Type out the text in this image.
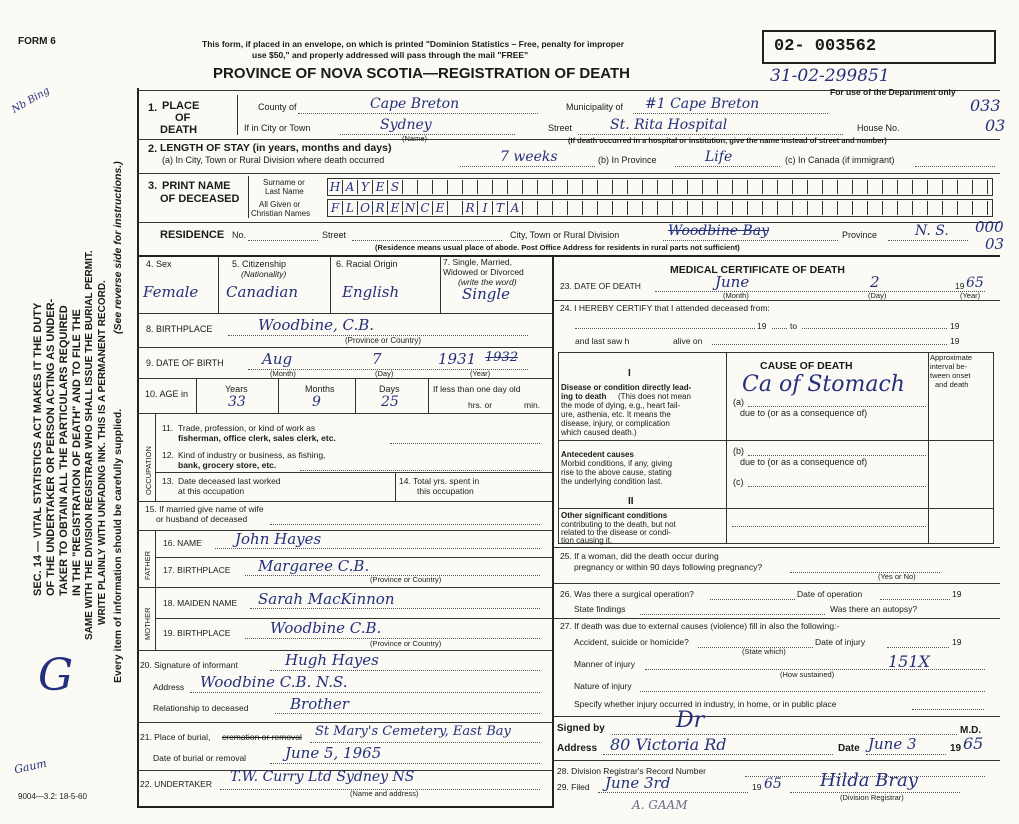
FORM 6
Nb Bing
This form, if placed in an envelope, on which is printed "Dominion Statistics – Free, penalty for improper
use $50," and properly addressed will pass through the mail "FREE"
PROVINCE OF NOVA SCOTIA—REGISTRATION OF DEATH
02- 003562
31-02-299851
For use of the Department only
SEC. 14 — VITAL STATISTICS ACT MAKES IT THE DUTY OF THE UNDERTAKER OR PERSON ACTING AS UNDER- TAKER TO OBTAIN ALL THE PARTICULARS REQUIRED IN THE "REGISTRATION OF DEATH" AND TO FILE THE SAME WITH THE DIVISION REGISTRAR WHO SHALL ISSUE THE BURIAL PERMIT. WRITE PLAINLY WITH UNFADING INK. THIS IS A PERMANENT RECORD. Every item of information should be carefully supplied.
(See reverse side for instructions.)
1. PLACE
OF
DEATH
County of	Cape Breton	Municipality of #1 Cape Breton	033
If in City or Town	Sydney
(Name)
Street	St. Rita Hospital	House No.	03
(If death occurred in a hospital or institution, give the name instead of street and number)
2. LENGTH OF STAY (in years, months and days)
(a) In City, Town or Rural Division where death occurred	7 weeks	(b) In Province	Life	(c) In Canada (if immigrant)
3. PRINT NAME
OF DECEASED
Surname or
Last Name
All Given or
Christian Names
H A Y E S
F L O R E N C E	R I T A
RESIDENCE No.	Street	City, Town or Rural Division	Woodbine Bay	Province	N. S. 000
03
(Residence means usual place of abode. Post Office Address for residents in rural parts not sufficient)
4. Sex
Female
5. Citizenship
(Nationality)
Canadian
6. Racial Origin
English
7. Single, Married,
Widowed or Divorced
(write the word)
Single
8. BIRTHPLACE	Woodbine, C.B.
(Province or Country)
9. DATE OF BIRTH	Aug	7	1931 1932
(Month)	(Day)	(Year)
10. AGE in	Years	Months	Days
33	9	25
If less than one day old
hrs. or	min.
OCCUPATION
11. Trade, profession, or kind of work as
fisherman, office clerk, sales clerk, etc.
12. Kind of industry or business, as fishing,
bank, grocery store, etc.
13. Date deceased last worked
at this occupation
14. Total yrs. spent in
this occupation
15. If married give name of wife
or husband of deceased
FATHER
16. NAME John Hayes
17. BIRTHPLACE Margaree C.B.
(Province or Country)
MOTHER
18. MAIDEN NAME Sarah MacKinnon
19. BIRTHPLACE	Woodbine C.B.
(Province or Country)
20. Signature of informant	Hugh Hayes
Address Woodbine C.B. N.S.
Relationship to deceased	Brother
21. Place of burial, cremation or removal St Mary's Cemetery, East Bay
Date of burial or removal	June 5, 1965
22. UNDERTAKER T.W. Curry Ltd Sydney NS
(Name and address)
MEDICAL CERTIFICATE OF DEATH
23. DATE OF DEATH	June	2	19 65
(Month)	(Day)	(Year)
24. I HEREBY CERTIFY that I attended deceased from:
19	to	19
and last saw h	alive on	19
CAUSE OF DEATH
Approximate
interval be-
tween onset
and death
I
Disease or condition directly lead-
ing to death (This does not mean
the mode of dying, e.g., heart fail-
ure, asthenia, etc. It means the
disease, injury, or complication
which caused death.)
(a)
Ca of Stomach
due to (or as a consequence of)
(b)
due to (or as a consequence of)
Antecedent causes
Morbid conditions, if any, giving
rise to the above cause, stating
the underlying condition last.	(c)
II
Other significant conditions
contributing to the death, but not
related to the disease or condi-
tion causing it.
25. If a woman, did the death occur during
pregnancy or within 90 days following pregnancy?
(Yes or No)
26. Was there a surgical operation?	Date of operation	19
State findings	Was there an autopsy?
27. If death was due to external causes (violence) fill in also the following:-
Accident, suicide or homicide?	Date of injury	19
(State which)
Manner of injury	151X
Nature of injury
(How sustained)
Specify whether injury occurred in industry, in home, or in public place
Signed by	Dr	M.D.
Address 80 Victoria Rd	Date June 3	19 65
28. Division Registrar's Record Number
29. Filed June 3rd	19 65 Hilda Bray
(Division Registrar)
A. GAAM
9004—3.2: 18-5-60
G
Gaum
